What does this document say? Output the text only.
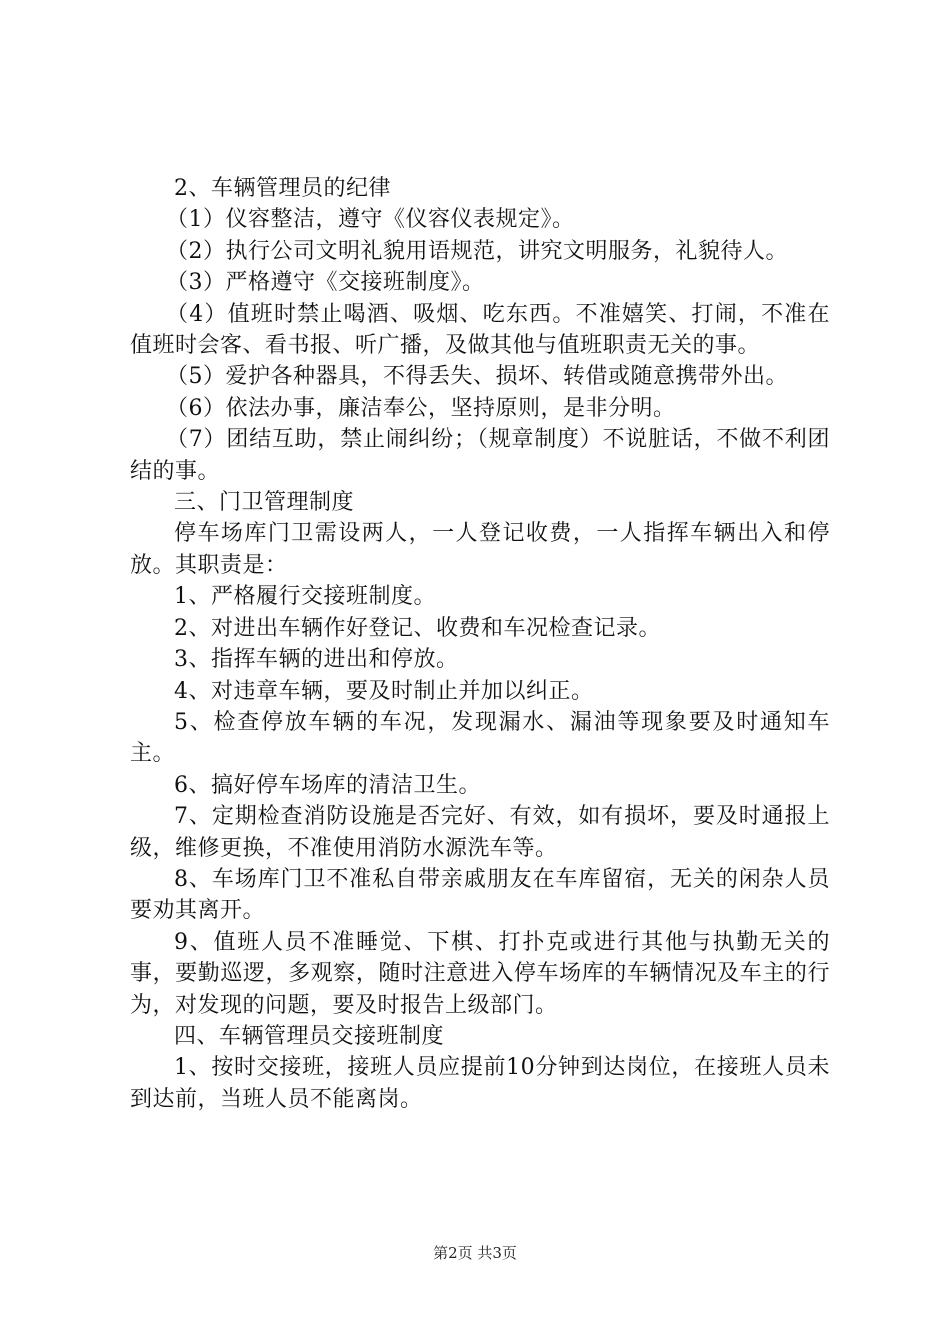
2、车辆管理员的纪律

（1）仪容整洁，遵守《仪容仪表规定》。

（2）执行公司文明礼貌用语规范，讲究文明服务，礼貌待人。

（3）严格遵守《交接班制度》。

（4）值班时禁止喝酒、吸烟、吃东西。不准嬉笑、打闹，不准在值班时会客、看书报、听广播，及做其他与值班职责无关的事。

（5）爱护各种器具，不得丢失、损坏、转借或随意携带外出。

（6）依法办事，廉洁奉公，坚持原则，是非分明。

（7）团结互助，禁止闹纠纷；（规章制度）不说脏话，不做不利团结的事。

三、门卫管理制度

停车场库门卫需设两人，一人登记收费，一人指挥车辆出入和停放。其职责是：

1、严格履行交接班制度。

2、对进出车辆作好登记、收费和车况检查记录。

3、指挥车辆的进出和停放。

4、对违章车辆，要及时制止并加以纠正。

5、检查停放车辆的车况，发现漏水、漏油等现象要及时通知车主。

6、搞好停车场库的清洁卫生。

7、定期检查消防设施是否完好、有效，如有损坏，要及时通报上级，维修更换，不准使用消防水源洗车等。

8、车场库门卫不准私自带亲戚朋友在车库留宿，无关的闲杂人员要劝其离开。

9、值班人员不准睡觉、下棋、打扑克或进行其他与执勤无关的事，要勤巡逻，多观察，随时注意进入停车场库的车辆情况及车主的行为，对发现的问题，要及时报告上级部门。

四、车辆管理员交接班制度

1、按时交接班，接班人员应提前10分钟到达岗位，在接班人员未到达前，当班人员不能离岗。

第2页 共3页
